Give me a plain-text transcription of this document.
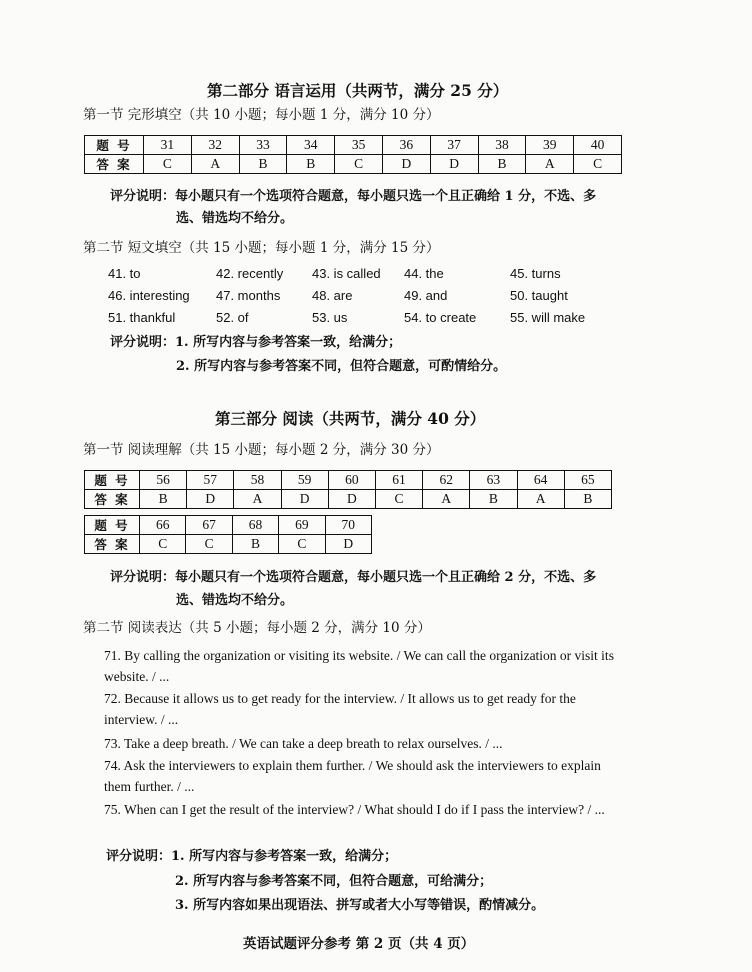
第二部分 语言运用（共两节，满分 25 分）
第一节 完形填空（共 10 小题；每小题 1 分，满分 10 分）
题 号	31	32	33	34	35	36	37	38	39	40
答 案	C	A	B	B	C	D	D	B	A	C
评分说明：每小题只有一个选项符合题意，每小题只选一个且正确给 1 分，不选、多
选、错选均不给分。
第二节 短文填空（共 15 小题；每小题 1 分，满分 15 分）
41. to	42. recently 43. is called 44. the	45. turns
46. interesting 47. months 48. are	49. and	50. taught
51. thankful	52. of	53. us	54. to create	55. will make
评分说明：1. 所写内容与参考答案一致，给满分；
2. 所写内容与参考答案不同，但符合题意，可酌情给分。
第三部分 阅读（共两节，满分 40 分）
第一节 阅读理解（共 15 小题；每小题 2 分，满分 30 分）
题 号	56	57	58	59	60	61	62	63	64	65
答 案	B	D	A	D	D	C	A	B	A	B
题 号	66	67	68	69	70
答 案	C	C	B	C	D
评分说明：每小题只有一个选项符合题意，每小题只选一个且正确给 2 分，不选、多
选、错选均不给分。
第二节 阅读表达（共 5 小题；每小题 2 分，满分 10 分）
71. By calling the organization or visiting its website. / We can call the organization or visit its website. / ...
72. Because it allows us to get ready for the interview. / It allows us to get ready for the interview. / ...
73. Take a deep breath. / We can take a deep breath to relax ourselves. / ...
74. Ask the interviewers to explain them further. / We should ask the interviewers to explain them further. / ...
75. When can I get the result of the interview? / What should I do if I pass the interview? / ...
评分说明：1. 所写内容与参考答案一致，给满分；
2. 所写内容与参考答案不同，但符合题意，可给满分；
3. 所写内容如果出现语法、拼写或者大小写等错误，酌情减分。
英语试题评分参考 第 2 页（共 4 页）
